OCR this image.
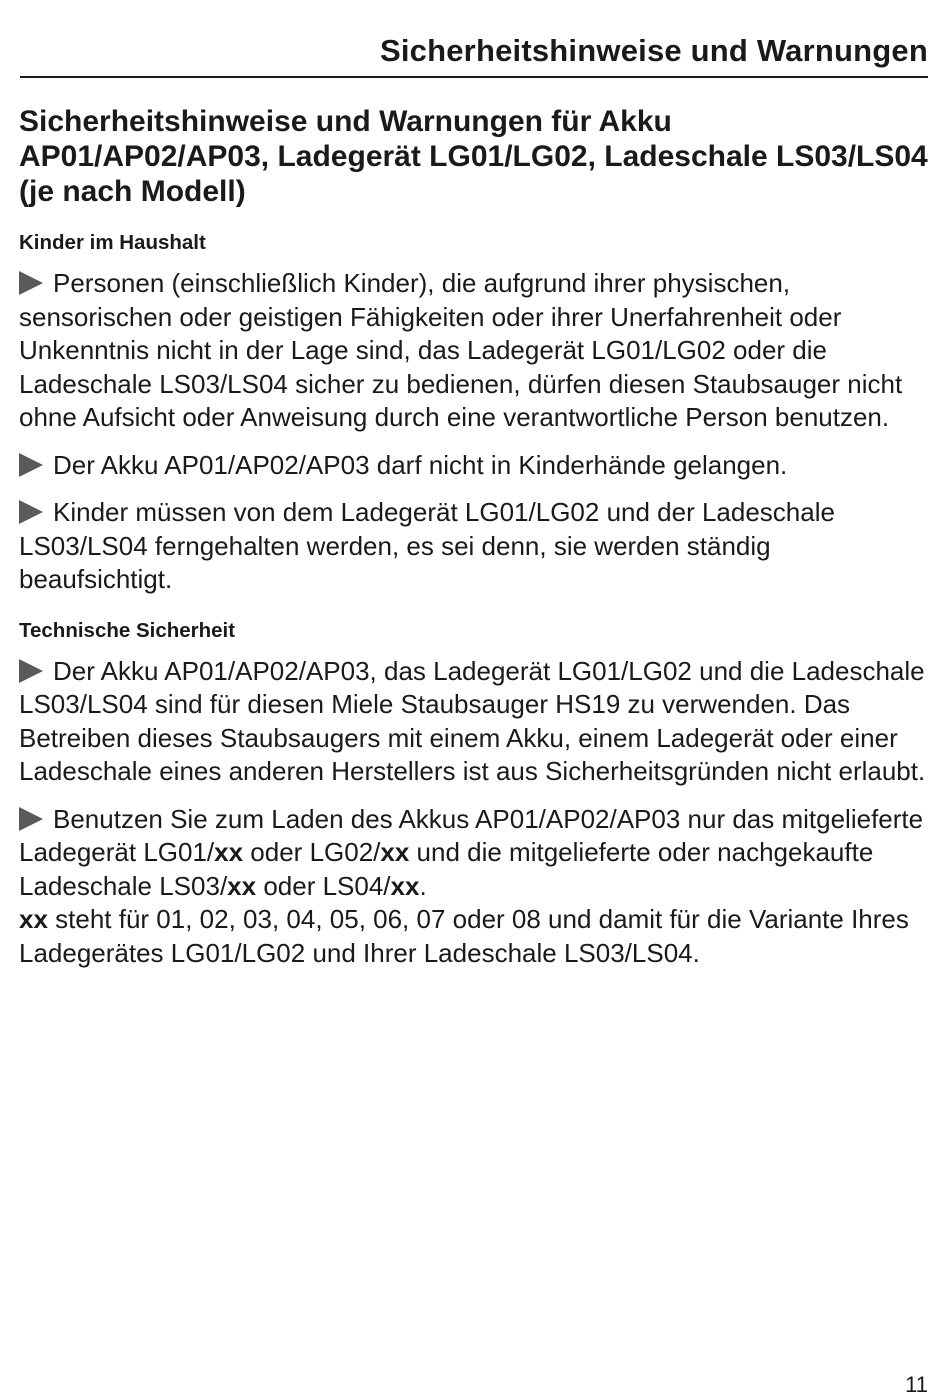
Sicherheitshinweise und Warnungen
Sicherheitshinweise und Warnungen für Akku AP01/AP02/AP03, Ladegerät LG01/LG02, Ladeschale LS03/LS04 (je nach Modell)
Kinder im Haushalt

Personen (einschließlich Kinder), die aufgrund ihrer physischen, sensorischen oder geistigen Fähigkeiten oder ihrer Unerfahrenheit oder Unkenntnis nicht in der Lage sind, das Ladegerät LG01/LG02 oder die Ladeschale LS03/LS04 sicher zu bedienen, dürfen diesen Staubsauger nicht ohne Aufsicht oder Anweisung durch eine verantwortliche Person benutzen.

Der Akku AP01/AP02/AP03 darf nicht in Kinderhände gelangen.

Kinder müssen von dem Ladegerät LG01/LG02 und der Ladeschale LS03/LS04 ferngehalten werden, es sei denn, sie werden ständig beaufsichtigt.

Technische Sicherheit

Der Akku AP01/AP02/AP03, das Ladegerät LG01/LG02 und die Ladeschale LS03/LS04 sind für diesen Miele Staubsauger HS19 zu verwenden. Das Betreiben dieses Staubsaugers mit einem Akku, einem Ladegerät oder einer Ladeschale eines anderen Herstellers ist aus Sicherheitsgründen nicht erlaubt.

Benutzen Sie zum Laden des Akkus AP01/AP02/AP03 nur das mitgelieferte Ladegerät LG01/xx oder LG02/xx und die mitgelieferte oder nachgekaufte Ladeschale LS03/xx oder LS04/xx.
xx steht für 01, 02, 03, 04, 05, 06, 07 oder 08 und damit für die Variante Ihres Ladegerätes LG01/LG02 und Ihrer Ladeschale LS03/LS04.

11
